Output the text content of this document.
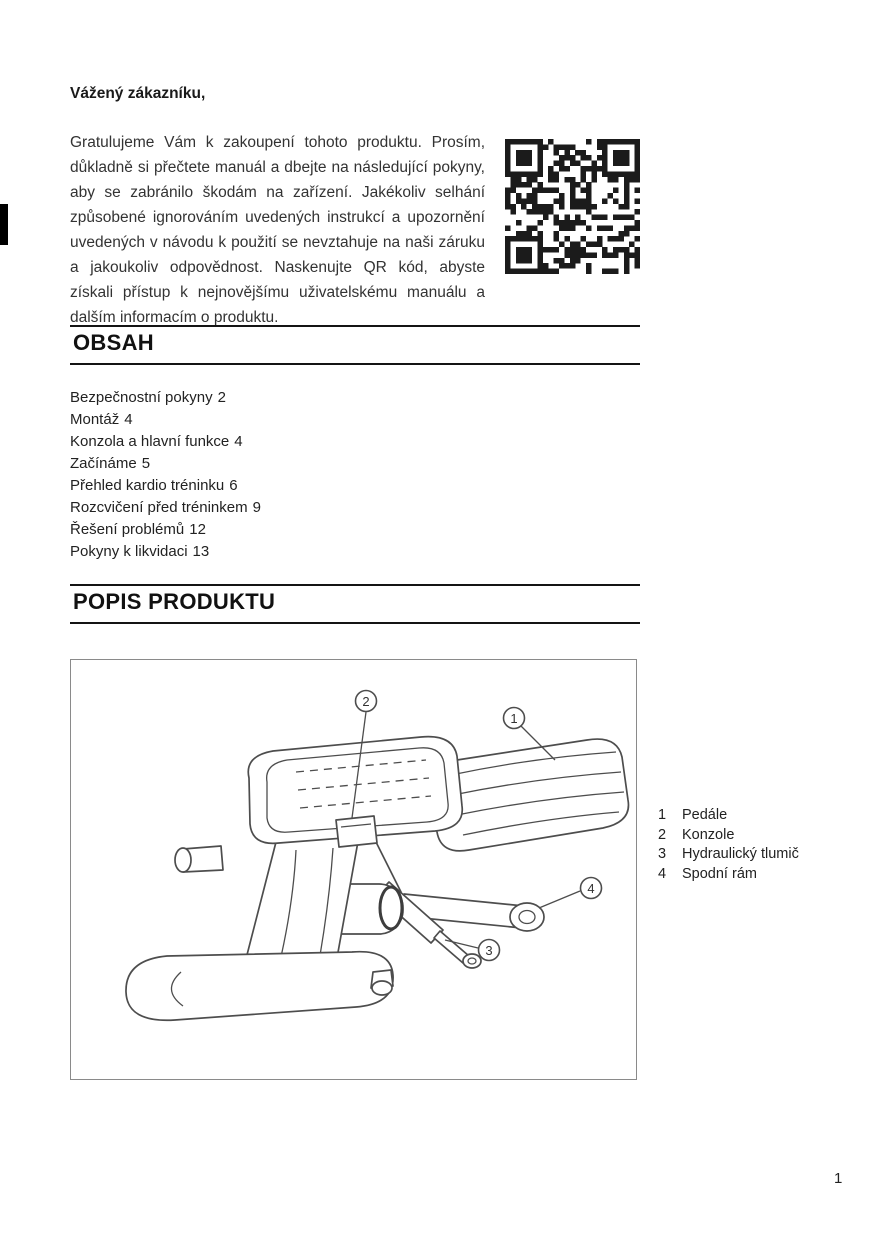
Vážený zákazníku,

Gratulujeme Vám k zakoupení tohoto produktu. Prosím, důkladně si přečtete manuál a dbejte na následující pokyny, aby se zabránilo škodám na zařízení. Jakékoliv selhání způsobené ignorováním uvedených instrukcí a upozornění uvedených v návodu k použití se nevztahuje na naši záruku a jakoukoliv odpovědnost. Naskenujte QR kód, abyste získali přístup k nejnovějšímu uživatelskému manuálu a dalším informacím o produktu.

OBSAH
Bezpečnostní pokyny 2
Montáž 4
Konzola a hlavní funkce 4
Začínáme 5
Přehled kardio tréninku 6
Rozcvičení před tréninkem 9
Řešení problémů 12
Pokyny k likvidaci 13
POPIS PRODUKTU
2
1
4
3
1	Pedále
2	Konzole
3	Hydraulický tlumič
4	Spodní rám
1
